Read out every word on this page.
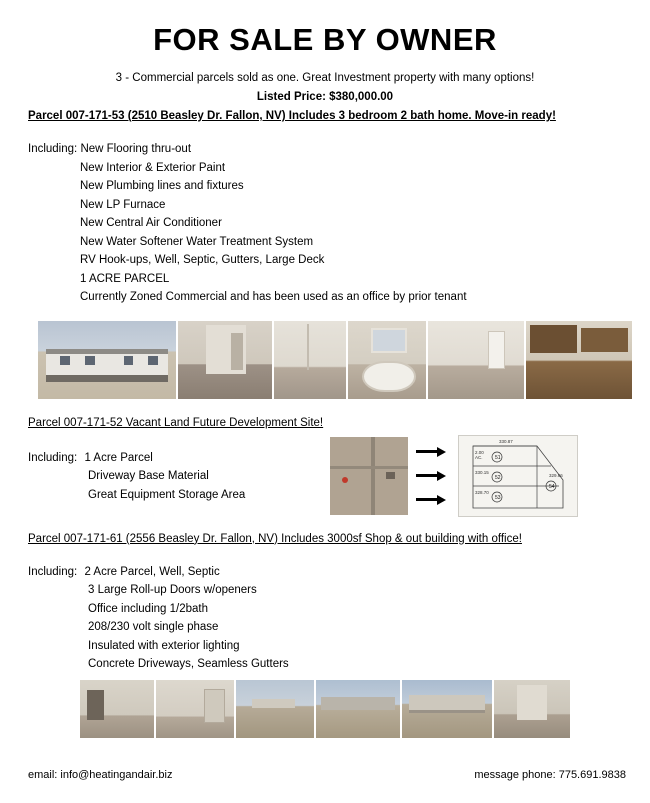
FOR SALE BY OWNER
3 - Commercial parcels sold as one. Great Investment property with many options!
Listed Price: $380,000.00
Parcel 007-171-53 (2510 Beasley Dr. Fallon, NV) Includes 3 bedroom 2 bath home. Move-in ready!
Including: New Flooring thru-out
New Interior & Exterior Paint
New Plumbing lines and fixtures
New LP Furnace
New Central Air Conditioner
New Water Softener Water Treatment System
RV Hook-ups, Well, Septic, Gutters, Large Deck
1 ACRE PARCEL
Currently Zoned Commercial and has been used as an office by prior tenant
Parcel 007-171-52 Vacant Land Future Development Site!
Including: 1 Acre Parcel
Driveway Base Material
Great Equipment Storage Area
330.87
2.00
AC. 51
330.15
52	329.66
54
328.70
53
Parcel 007-171-61 (2556 Beasley Dr. Fallon, NV) Includes 3000sf Shop & out building with office!
Including: 2 Acre Parcel, Well, Septic
3 Large Roll-up Doors w/openers
Office including 1/2bath
208/230 volt single phase
Insulated with exterior lighting
Concrete Driveways, Seamless Gutters
email: info@heatingandair.biz	message phone: 775.691.9838
